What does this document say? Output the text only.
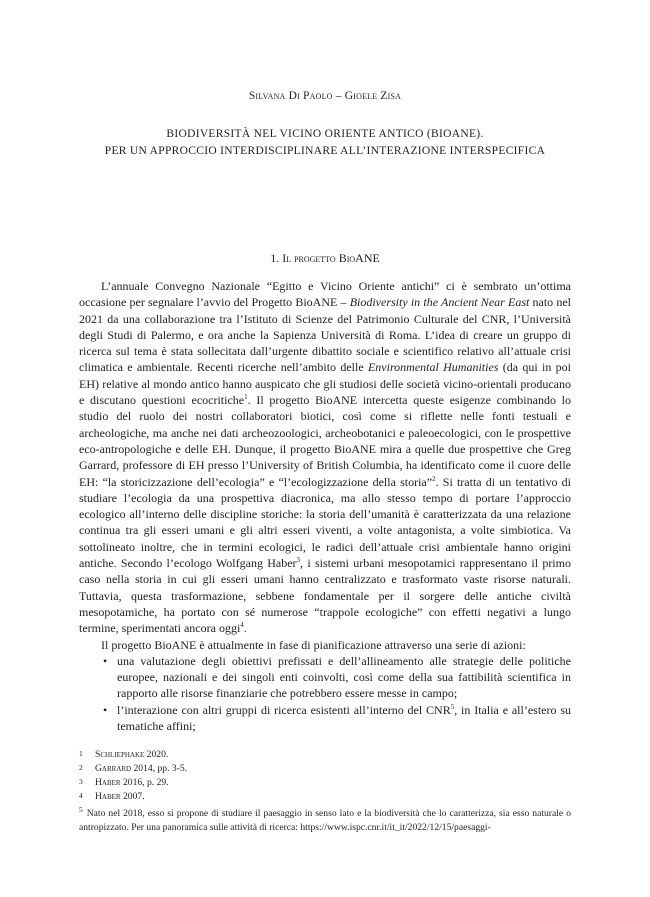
Silvana Di Paolo – Gioele Zisa
BIODIVERSITÀ NEL VICINO ORIENTE ANTICO (BIOANE).
PER UN APPROCCIO INTERDISCIPLINARE ALL’INTERAZIONE INTERSPECIFICA
1. Il progetto BioANE

L’annuale Convegno Nazionale “Egitto e Vicino Oriente antichi” ci è sembrato un’ottima occasione per segnalare l’avvio del Progetto BioANE – Biodiversity in the Ancient Near East nato nel 2021 da una collaborazione tra l’Istituto di Scienze del Patrimonio Culturale del CNR, l’Università degli Studi di Palermo, e ora anche la Sapienza Università di Roma. L’idea di creare un gruppo di ricerca sul tema è stata sollecitata dall’urgente dibattito sociale e scientifico relativo all’attuale crisi climatica e ambientale. Recenti ricerche nell’ambito delle Environmental Humanities (da qui in poi EH) relative al mondo antico hanno auspicato che gli studiosi delle società vicino-orientali producano e discutano questioni ecocritiche$^1$. Il progetto BioANE intercetta queste esigenze combinando lo studio del ruolo dei nostri collaboratori biotici, così come si riflette nelle fonti testuali e archeologiche, ma anche nei dati archeozoologici, archeobotanici e paleoecologici, con le prospettive eco-antropologiche e delle EH. Dunque, il progetto BioANE mira a quelle due prospettive che Greg Garrard, professore di EH presso l’University of British Columbia, ha identificato come il cuore delle EH: “la storicizzazione dell’ecologia” e “l’ecologizzazione della storia”$^2$. Si tratta di un tentativo di studiare l’ecologia da una prospettiva diacronica, ma allo stesso tempo di portare l’approccio ecologico all’interno delle discipline storiche: la storia dell’umanità è caratterizzata da una relazione continua tra gli esseri umani e gli altri esseri viventi, a volte antagonista, a volte simbiotica. Va sottolineato inoltre, che in termini ecologici, le radici dell’attuale crisi ambientale hanno origini antiche. Secondo l’ecologo Wolfgang Haber$^3$, i sistemi urbani mesopotamici rappresentano il primo caso nella storia in cui gli esseri umani hanno centralizzato e trasformato vaste risorse naturali. Tuttavia, questa trasformazione, sebbene fondamentale per il sorgere delle antiche civiltà mesopotamiche, ha portato con sé numerose “trappole ecologiche” con effetti negativi a lungo termine, sperimentati ancora oggi$^4$.

Il progetto BioANE è attualmente in fase di pianificazione attraverso una serie di azioni:

• una valutazione degli obiettivi prefissati e dell’allineamento alle strategie delle politiche europee, nazionali e dei singoli enti coinvolti, così come della sua fattibilità scientifica in rapporto alle risorse finanziarie che potrebbero essere messe in campo;
• l’interazione con altri gruppi di ricerca esistenti all’interno del CNR$^5$, in Italia e all’estero su tematiche affini;
1 Schliephake 2020.
2 Garrard 2014, pp. 3-5.
3 Haber 2016, p. 29.
4 Haber 2007.
$^5$ Nato nel 2018, esso si propone di studiare il paesaggio in senso lato e la biodiversità che lo caratterizza, sia esso naturale o antropizzato. Per una panoramica sulle attività di ricerca: https://www.ispc.cnr.it/it_it/2022/12/15/paesaggi-
